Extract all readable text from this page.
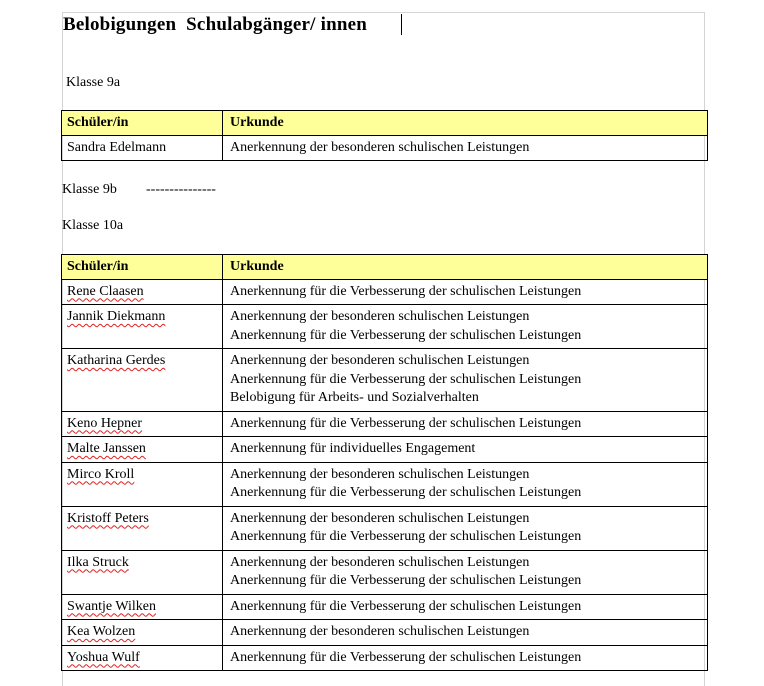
Belobigungen  Schulabgänger/ innen
Klasse 9a
Schüler/in	Urkunde
Sandra Edelmann	Anerkennung der besonderen schulischen Leistungen
Klasse 9b ---------------
Klasse 10a
Schüler/in	Urkunde
Rene Claasen	Anerkennung für die Verbesserung der schulischen Leistungen

Jannik Diekmann	Anerkennung der besonderen schulischen Leistungen
Anerkennung für die Verbesserung der schulischen Leistungen

Katharina Gerdes	Anerkennung der besonderen schulischen Leistungen
Anerkennung für die Verbesserung der schulischen Leistungen
Belobigung für Arbeits- und Sozialverhalten

Keno Hepner	Anerkennung für die Verbesserung der schulischen Leistungen

Malte Janssen	Anerkennung für individuelles Engagement

Mirco Kroll	Anerkennung der besonderen schulischen Leistungen
Anerkennung für die Verbesserung der schulischen Leistungen

Kristoff Peters	Anerkennung der besonderen schulischen Leistungen
Anerkennung für die Verbesserung der schulischen Leistungen

Ilka Struck	Anerkennung der besonderen schulischen Leistungen
Anerkennung für die Verbesserung der schulischen Leistungen

Swantje Wilken	Anerkennung für die Verbesserung der schulischen Leistungen

Kea Wolzen	Anerkennung der besonderen schulischen Leistungen

Yoshua Wulf	Anerkennung für die Verbesserung der schulischen Leistungen
